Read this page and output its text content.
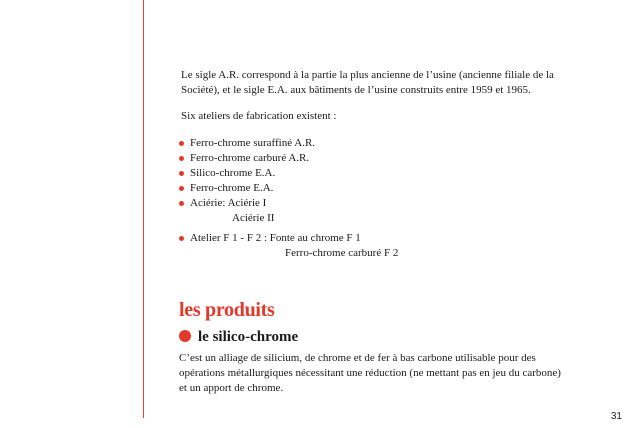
Le sigle A.R. correspond à la partie la plus ancienne de l’usine (ancienne filiale de la

Société), et le sigle E.A. aux bâtiments de l’usine construits entre 1959 et 1965.

Six ateliers de fabrication existent :

Ferro-chrome suraffiné A.R.
Ferro-chrome carburé A.R.
Silico-chrome E.A.
Ferro-chrome E.A.
Aciérie: Aciérie I
Aciérie II
Atelier F 1 - F 2 : Fonte au chrome F 1
Ferro-chrome carburé F 2
les produits
le silico-chrome

C’est un alliage de silicium, de chrome et de fer à bas carbone utilisable pour des

opérations métallurgiques nécessitant une réduction (ne mettant pas en jeu du carbone)

et un apport de chrome.

31
